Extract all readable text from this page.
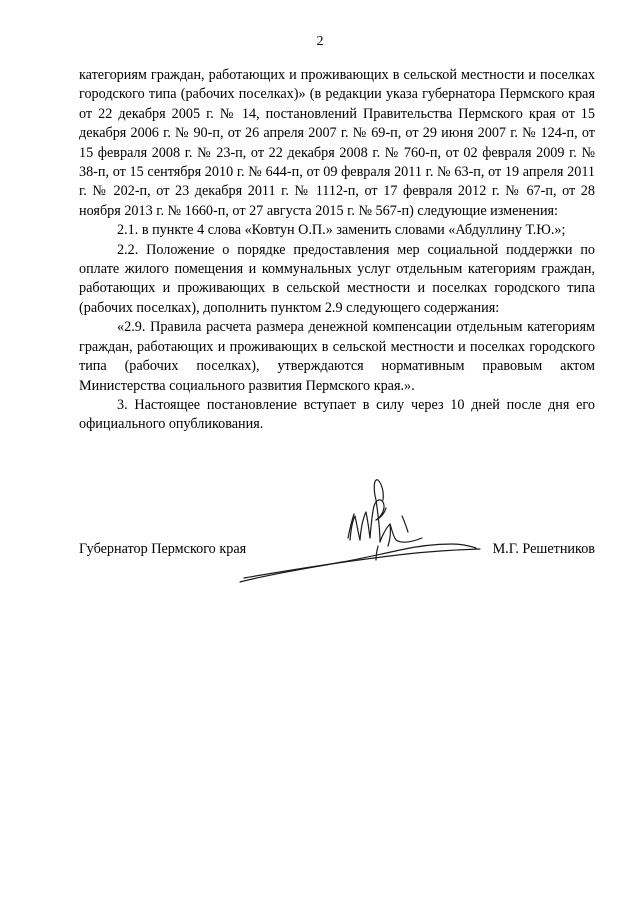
2

категориям граждан, работающих и проживающих в сельской местности и поселках городского типа (рабочих поселках)» (в редакции указа губернатора Пермского края от 22 декабря 2005 г. № 14, постановлений Правительства Пермского края от 15 декабря 2006 г. № 90-п, от 26 апреля 2007 г. № 69-п, от 29 июня 2007 г. № 124-п, от 15 февраля 2008 г. № 23-п, от 22 декабря 2008 г. № 760-п, от 02 февраля 2009 г. № 38-п, от 15 сентября 2010 г. № 644-п, от 09 февраля 2011 г. № 63-п, от 19 апреля 2011 г. № 202-п, от 23 декабря 2011 г. № 1112-п, от 17 февраля 2012 г. № 67-п, от 28 ноября 2013 г. № 1660-п, от 27 августа 2015 г. № 567-п) следующие изменения:

2.1. в пункте 4 слова «Ковтун О.П.» заменить словами «Абдуллину Т.Ю.»;

2.2. Положение о порядке предоставления мер социальной поддержки по оплате жилого помещения и коммунальных услуг отдельным категориям граждан, работающих и проживающих в сельской местности и поселках городского типа (рабочих поселках), дополнить пунктом 2.9 следующего содержания:

«2.9. Правила расчета размера денежной компенсации отдельным категориям граждан, работающих и проживающих в сельской местности и поселках городского типа (рабочих поселках), утверждаются нормативным правовым актом Министерства социального развития Пермского края.».

3. Настоящее постановление вступает в силу через 10 дней после дня его официального опубликования.

Губернатор Пермского края	М.Г. Решетников
